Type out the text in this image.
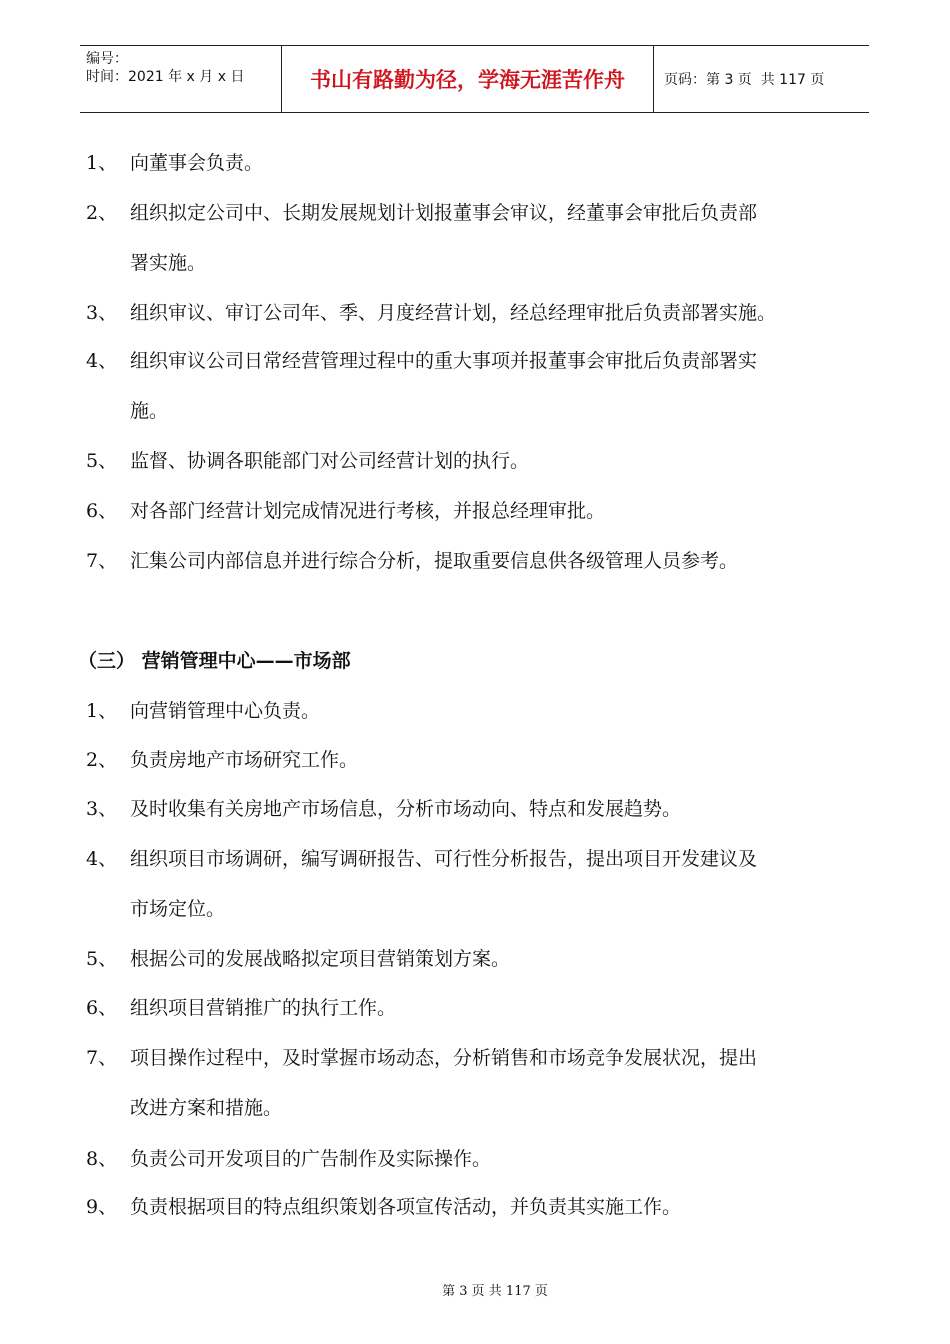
编号：
时间：2021 年 x 月 x 日	书山有路勤为径，学海无涯苦作舟	页码：第 3 页  共 117 页
1、 向董事会负责。
2、 组织拟定公司中、长期发展规划计划报董事会审议，经董事会审批后负责部
署实施。
3、 组织审议、审订公司年、季、月度经营计划，经总经理审批后负责部署实施。
4、 组织审议公司日常经营管理过程中的重大事项并报董事会审批后负责部署实
施。
5、 监督、协调各职能部门对公司经营计划的执行。
6、 对各部门经营计划完成情况进行考核，并报总经理审批。
7、 汇集公司内部信息并进行综合分析，提取重要信息供各级管理人员参考。
（三） 营销管理中心——市场部
1、 向营销管理中心负责。
2、 负责房地产市场研究工作。
3、 及时收集有关房地产市场信息，分析市场动向、特点和发展趋势。
4、 组织项目市场调研，编写调研报告、可行性分析报告，提出项目开发建议及
市场定位。
5、 根据公司的发展战略拟定项目营销策划方案。
6、 组织项目营销推广的执行工作。
7、 项目操作过程中，及时掌握市场动态，分析销售和市场竞争发展状况，提出
改进方案和措施。
8、 负责公司开发项目的广告制作及实际操作。
9、 负责根据项目的特点组织策划各项宣传活动，并负责其实施工作。
第 3 页 共 117 页
